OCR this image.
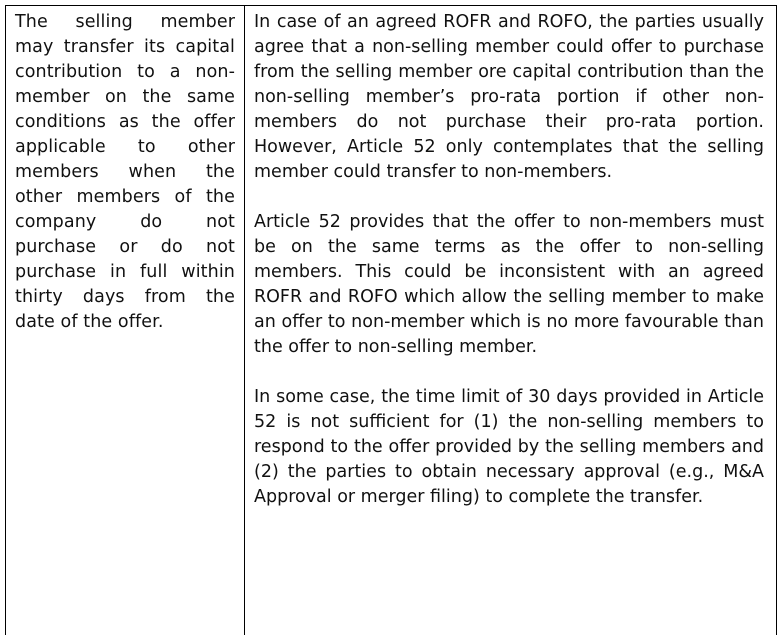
The selling member may transfer its capital contribution to a non-member on the same conditions as the offer applicable to other members when the other members of the company do not purchase or do not purchase in full within thirty days from the date of the offer.

In case of an agreed ROFR and ROFO, the parties usually agree that a non-selling member could offer to purchase from the selling member ore capital contribution than the non-selling member’s pro-rata portion if other non-members do not purchase their pro-rata portion. However, Article 52 only contemplates that the selling member could transfer to non-members.

Article 52 provides that the offer to non-members must be on the same terms as the offer to non-selling members. This could be inconsistent with an agreed ROFR and ROFO which allow the selling member to make an offer to non-member which is no more favourable than the offer to non-selling member.

In some case, the time limit of 30 days provided in Article 52 is not sufficient for (1) the non-selling members to respond to the offer provided by the selling members and (2) the parties to obtain necessary approval (e.g., M&A Approval or merger filing) to complete the transfer.
